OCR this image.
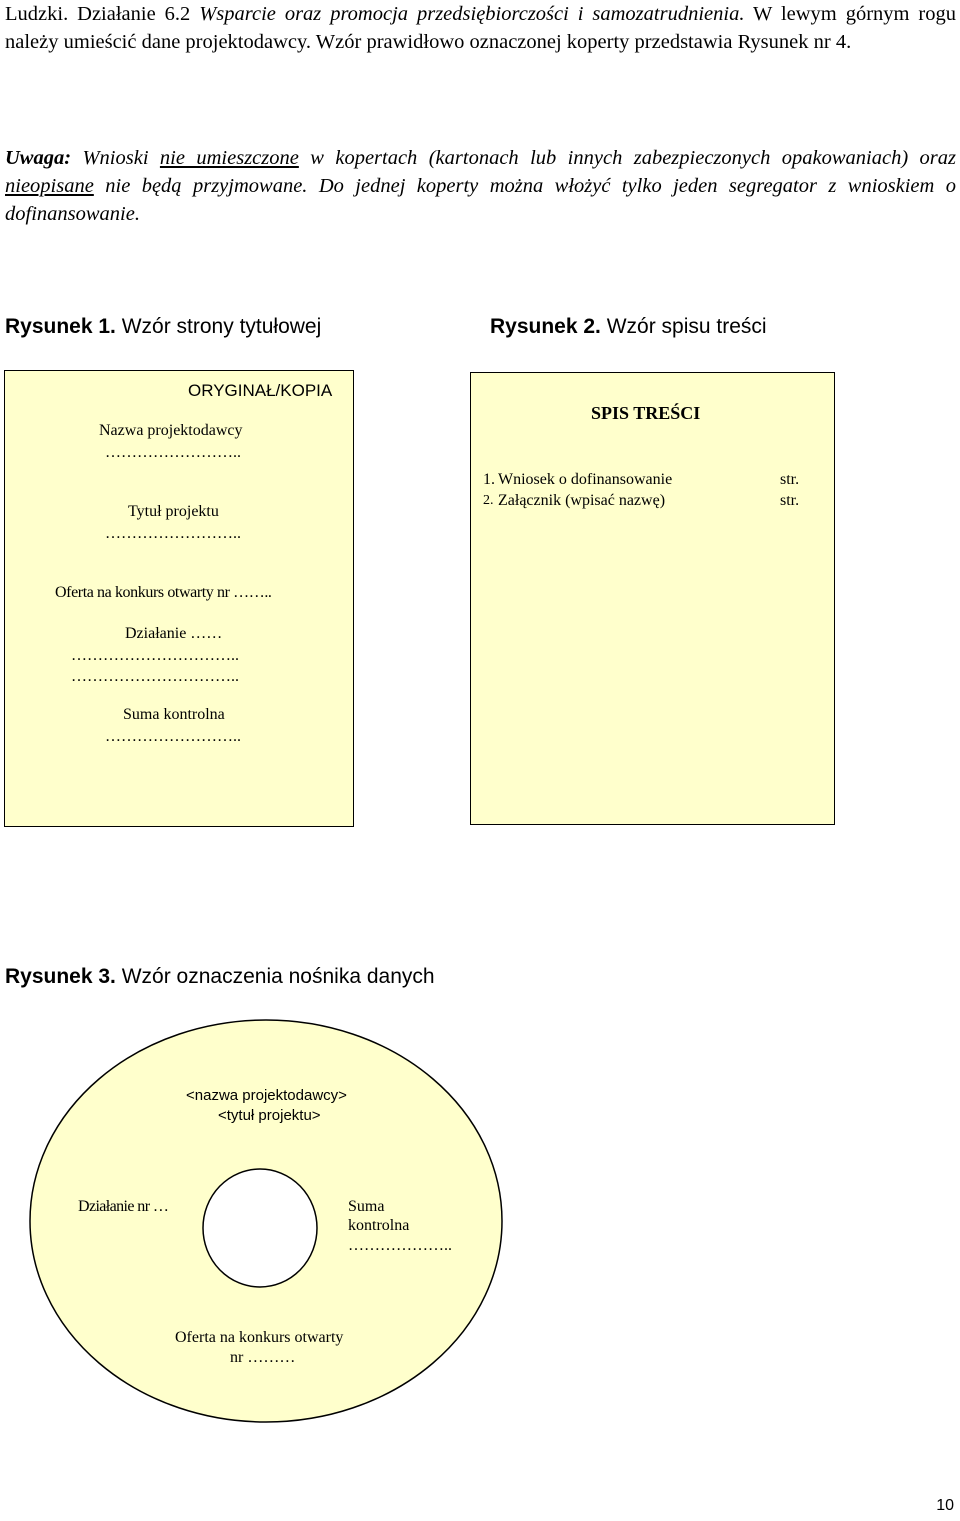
Ludzki. Działanie 6.2 Wsparcie oraz promocja przedsiębiorczości i samozatrudnienia. W lewym górnym rogu należy umieścić dane projektodawcy. Wzór prawidłowo oznaczonej koperty przedstawia Rysunek nr 4.

Uwaga: Wnioski nie umieszczone w kopertach (kartonach lub innych zabezpieczonych opakowaniach) oraz nieopisane nie będą przyjmowane. Do jednej koperty można włożyć tylko jeden segregator z wnioskiem o dofinansowanie.
Rysunek 1. Wzór strony tytułowej	Rysunek 2. Wzór spisu treści
ORYGINAŁ/KOPIA
Nazwa projektodawcy
……………………..
Tytuł projektu
……………………..
Oferta na konkurs otwarty nr ……..
Działanie ……
…………………………..
…………………………..
Suma kontrolna
……………………..
SPIS TREŚCI
1. Wniosek o dofinansowanie	str.
2. Załącznik (wpisać nazwę)	str.
Rysunek 3. Wzór oznaczenia nośnika danych
<nazwa projektodawcy>
<tytuł projektu>
Działanie nr …	Suma
kontrolna
………………..
Oferta na konkurs otwarty
nr ………
10
